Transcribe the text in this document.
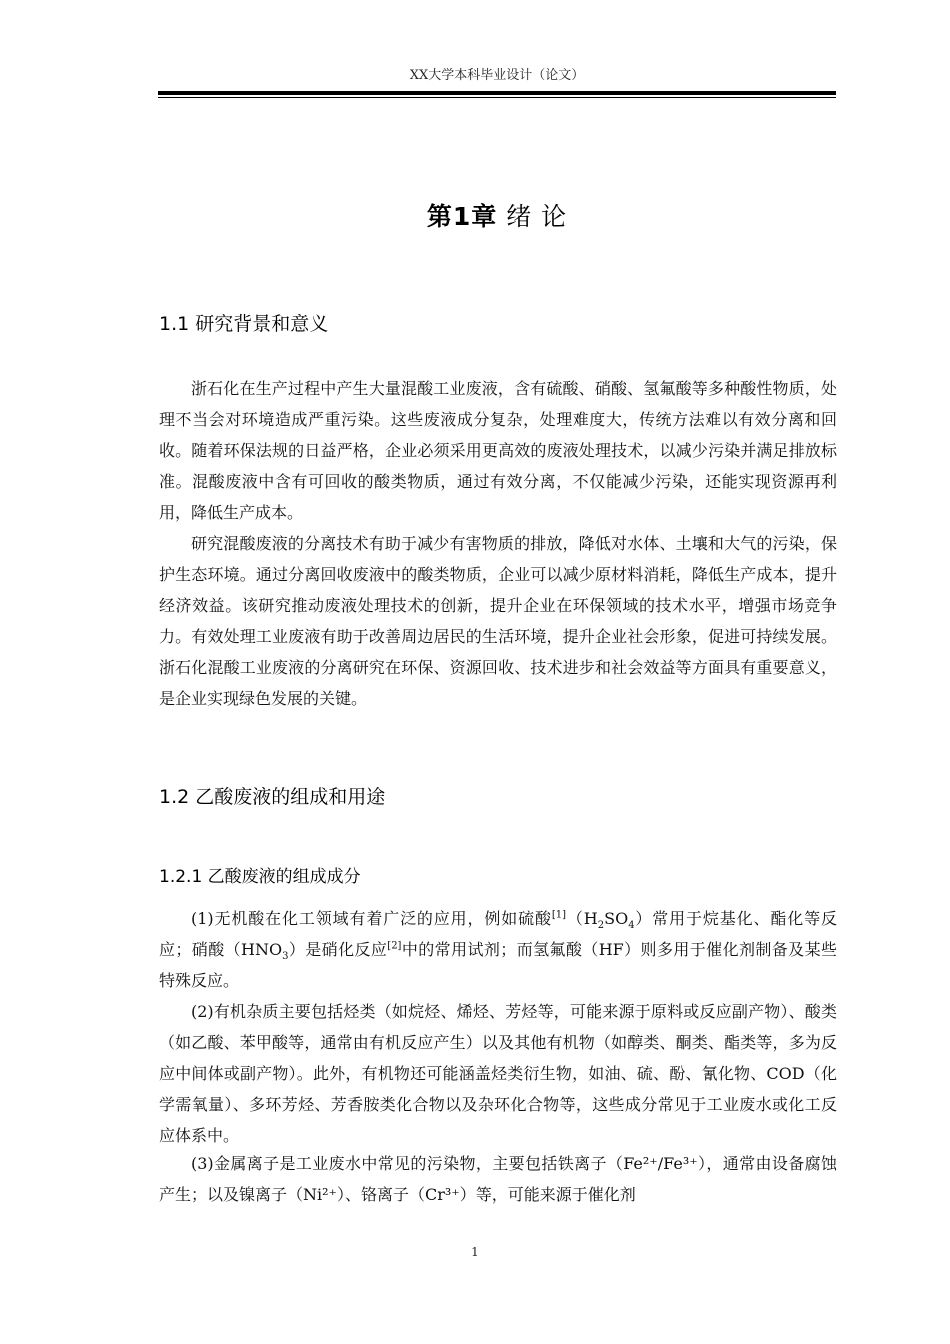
XX大学本科毕业设计（论文）
第1章 绪 论
1.1 研究背景和意义

浙石化在生产过程中产生大量混酸工业废液，含有硫酸、硝酸、氢氟酸等多种酸性物质，处理不当会对环境造成严重污染。这些废液成分复杂，处理难度大，传统方法难以有效分离和回收。随着环保法规的日益严格，企业必须采用更高效的废液处理技术，以减少污染并满足排放标准。混酸废液中含有可回收的酸类物质，通过有效分离，不仅能减少污染，还能实现资源再利用，降低生产成本。

研究混酸废液的分离技术有助于减少有害物质的排放，降低对水体、土壤和大气的污染，保护生态环境。通过分离回收废液中的酸类物质，企业可以减少原材料消耗，降低生产成本，提升经济效益。该研究推动废液处理技术的创新，提升企业在环保领域的技术水平，增强市场竞争力。有效处理工业废液有助于改善周边居民的生活环境，提升企业社会形象，促进可持续发展。浙石化混酸工业废液的分离研究在环保、资源回收、技术进步和社会效益等方面具有重要意义，是企业实现绿色发展的关键。

1.2 乙酸废液的组成和用途
1.2.1 乙酸废液的组成成分

(1)无机酸在化工领域有着广泛的应用，例如硫酸$[1](H_2SO_4)$常用于烷基化、酯化等反应；硝酸$(HNO_3)$是硝化反应[2]中的常用试剂；而氢氟酸（HF）则多用于催化剂制备及某些特殊反应。

(2)有机杂质主要包括烃类（如烷烃、烯烃、芳烃等，可能来源于原料或反应副产物）、酸类（如乙酸、苯甲酸等，通常由有机反应产生）以及其他有机物（如醇类、酮类、酯类等，多为反应中间体或副产物）。此外，有机物还可能涵盖烃类衍生物，如油、硫、酚、氰化物、COD（化学需氧量）、多环芳烃、芳香胺类化合物以及杂环化合物等，这些成分常见于工业废水或化工反应体系中。

(3)金属离子是工业废水中常见的污染物，主要包括铁离子（Fe²⁺/Fe³⁺），通常由设备腐蚀产生；以及镍离子（Ni²⁺）、铬离子（Cr³⁺）等，可能来源于催化剂

1
